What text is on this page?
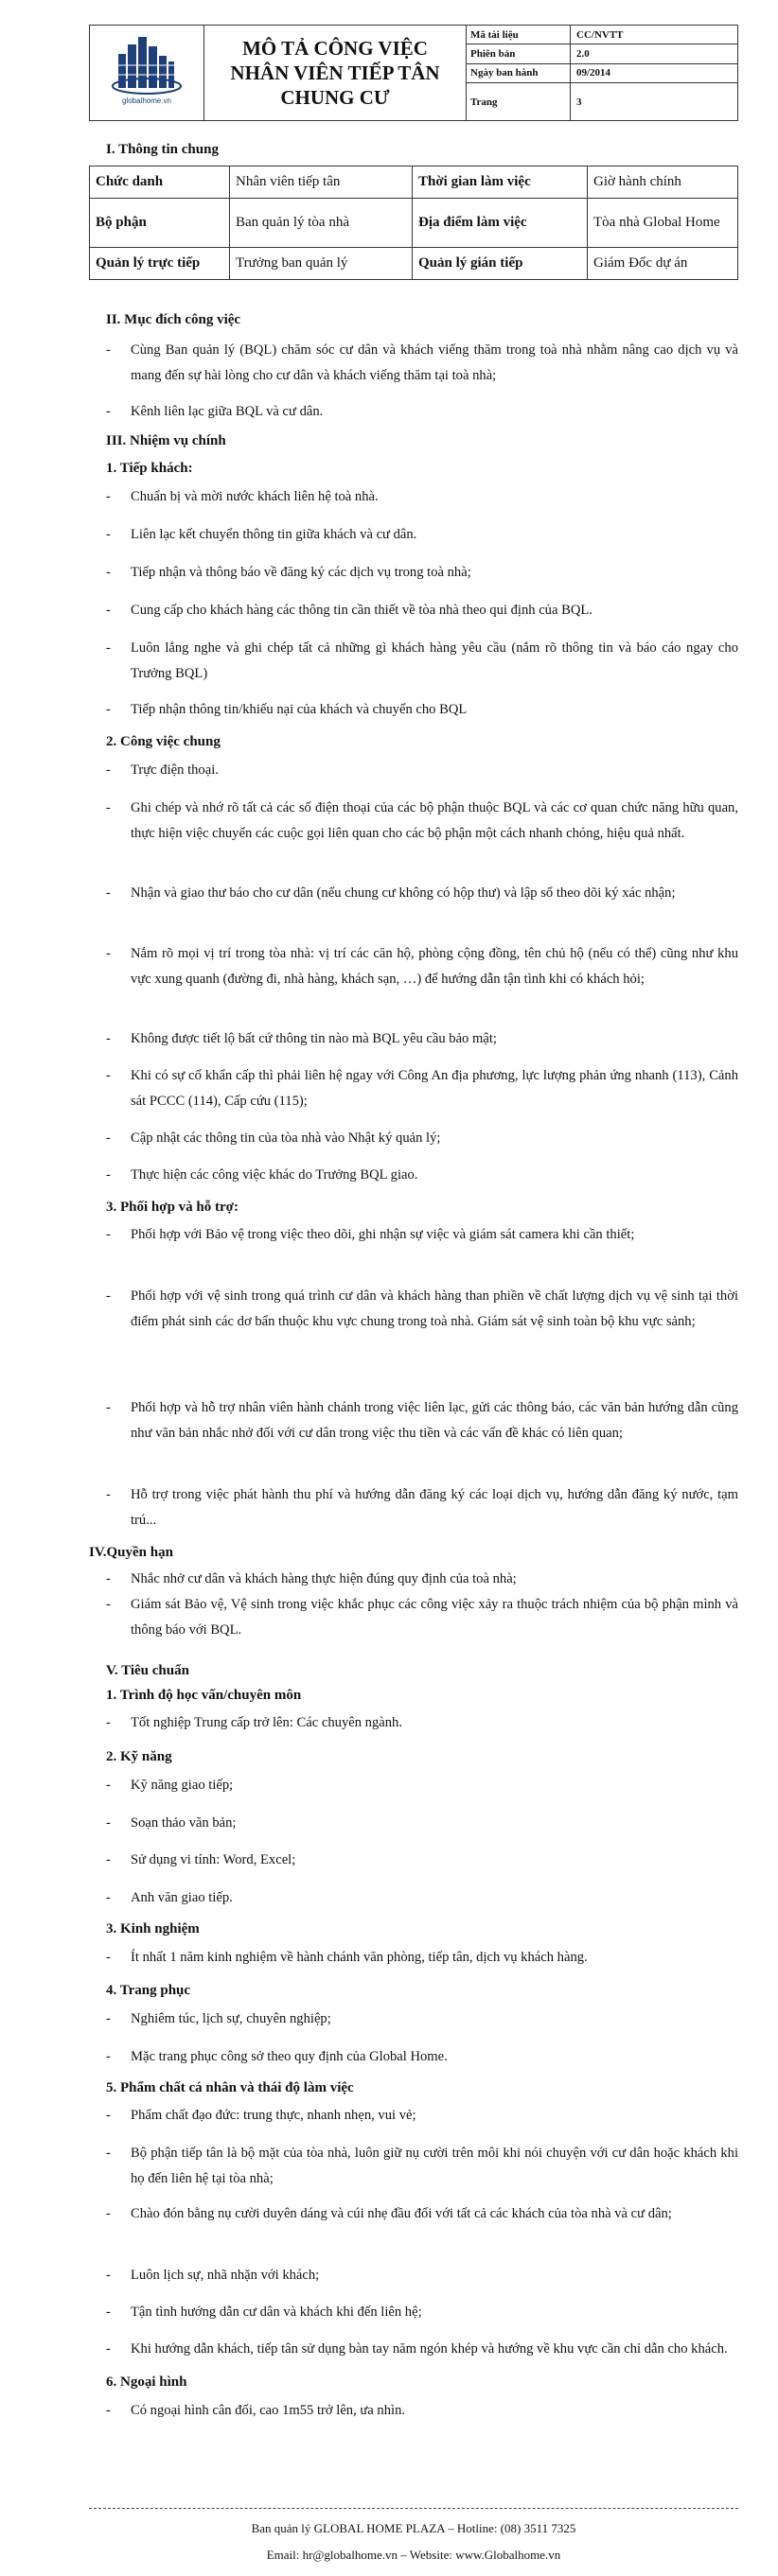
globalhome.vn	MÔ TẢ CÔNG VIỆC
NHÂN VIÊN TIẾP TÂN
CHUNG CƯ	Mã tài liệu	CC/NVTT
		Phiên bản	2.0
		Ngày ban hành	09/2014
		Trang	3
I. Thông tin chung
Chức danh	Nhân viên tiếp tân	Thời gian làm việc	Giờ hành chính
Bộ phận	Ban quản lý tòa nhà	Địa điểm làm việc	Tòa nhà Global Home
Quản lý trực tiếp	Trưởng ban quản lý	Quản lý gián tiếp	Giám Đốc dự án
II. Mục đích công việc
- Cùng Ban quản lý (BQL) chăm sóc cư dân và khách viếng thăm trong toà nhà nhằm nâng cao dịch vụ và mang đến sự hài lòng cho cư dân và khách viếng thăm tại toà nhà;
- Kênh liên lạc giữa BQL và cư dân.
III. Nhiệm vụ chính
1. Tiếp khách:
- Chuẩn bị và mời nước khách liên hệ toà nhà.
- Liên lạc kết chuyển thông tin giữa khách và cư dân.
- Tiếp nhận và thông báo về đăng ký các dịch vụ trong toà nhà;
- Cung cấp cho khách hàng các thông tin cần thiết về tòa nhà theo qui định của BQL.
- Luôn lắng nghe và ghi chép tất cả những gì khách hàng yêu cầu (nắm rõ thông tin và báo cáo ngay cho Trưởng BQL)
- Tiếp nhận thông tin/khiếu nại của khách và chuyển cho BQL
2. Công việc chung
- Trực điện thoại.
- Ghi chép và nhớ rõ tất cả các số điện thoại của các bộ phận thuộc BQL và các cơ quan chức năng hữu quan, thực hiện việc chuyển các cuộc gọi liên quan cho các bộ phận một cách nhanh chóng, hiệu quả nhất.
- Nhận và giao thư báo cho cư dân (nếu chung cư không có hộp thư) và lập sổ theo dõi ký xác nhận;
- Nắm rõ mọi vị trí trong tòa nhà: vị trí các căn hộ, phòng cộng đồng, tên chủ hộ (nếu có thể) cũng như khu vực xung quanh (đường đi, nhà hàng, khách sạn, …) để hướng dẫn tận tình khi có khách hỏi;
- Không được tiết lộ bất cứ thông tin nào mà BQL yêu cầu bảo mật;
- Khi có sự cố khẩn cấp thì phải liên hệ ngay với Công An địa phương, lực lượng phản ứng nhanh (113), Cảnh sát PCCC (114), Cấp cứu (115);
- Cập nhật các thông tin của tòa nhà vào Nhật ký quản lý;
- Thực hiện các công việc khác do Trưởng BQL giao.
3. Phối hợp và hỗ trợ:
- Phối hợp với Bảo vệ trong việc theo dõi, ghi nhận sự việc và giám sát camera khi cần thiết;
- Phối hợp với vệ sinh trong quá trình cư dân và khách hàng than phiền về chất lượng dịch vụ vệ sinh tại thời điểm phát sinh các dơ bẩn thuộc khu vực chung trong toà nhà. Giám sát vệ sinh toàn bộ khu vực sảnh;
- Phối hợp và hỗ trợ nhân viên hành chánh trong việc liên lạc, gửi các thông báo, các văn bản hướng dẫn cũng như văn bản nhắc nhở đối với cư dân trong việc thu tiền và các vấn đề khác có liên quan;
- Hỗ trợ trong việc phát hành thu phí và hướng dẫn đăng ký các loại dịch vụ, hướng dẫn đăng ký nước, tạm trú...
IV.Quyền hạn
- Nhắc nhở cư dân và khách hàng thực hiện đúng quy định của toà nhà;
- Giám sát Bảo vệ, Vệ sinh trong việc khắc phục các công việc xảy ra thuộc trách nhiệm của bộ phận mình và thông báo với BQL.
V. Tiêu chuẩn
1. Trình độ học vấn/chuyên môn
- Tốt nghiệp Trung cấp trở lên: Các chuyên ngành.
2. Kỹ năng
- Kỹ năng giao tiếp;
- Soạn thảo văn bản;
- Sử dụng vi tính: Word, Excel;
- Anh văn giao tiếp.
3. Kinh nghiệm
- Ít nhất 1 năm kinh nghiệm về hành chánh văn phòng, tiếp tân, dịch vụ khách hàng.
4. Trang phục
- Nghiêm túc, lịch sự, chuyên nghiệp;
- Mặc trang phục công sở theo quy định của Global Home.
5. Phẩm chất cá nhân và thái độ làm việc
- Phẩm chất đạo đức: trung thực, nhanh nhẹn, vui vẻ;
- Bộ phận tiếp tân là bộ mặt của tòa nhà, luôn giữ nụ cười trên môi khi nói chuyện với cư dân hoặc khách khi họ đến liên hệ tại tòa nhà;
- Chào đón bằng nụ cười duyên dáng và cúi nhẹ đầu đối với tất cả các khách của tòa nhà và cư dân;
- Luôn lịch sự, nhã nhặn với khách;
- Tận tình hướng dẫn cư dân và khách khi đến liên hệ;
- Khi hướng dẫn khách, tiếp tân sử dụng bàn tay năm ngón khép và hướng về khu vực cần chỉ dẫn cho khách.
6. Ngoại hình
- Có ngoại hình cân đối, cao 1m55 trở lên, ưa nhìn.
Ban quản lý GLOBAL HOME PLAZA – Hotline: (08) 3511 7325
Email: hr@globalhome.vn – Website: www.Globalhome.vn
